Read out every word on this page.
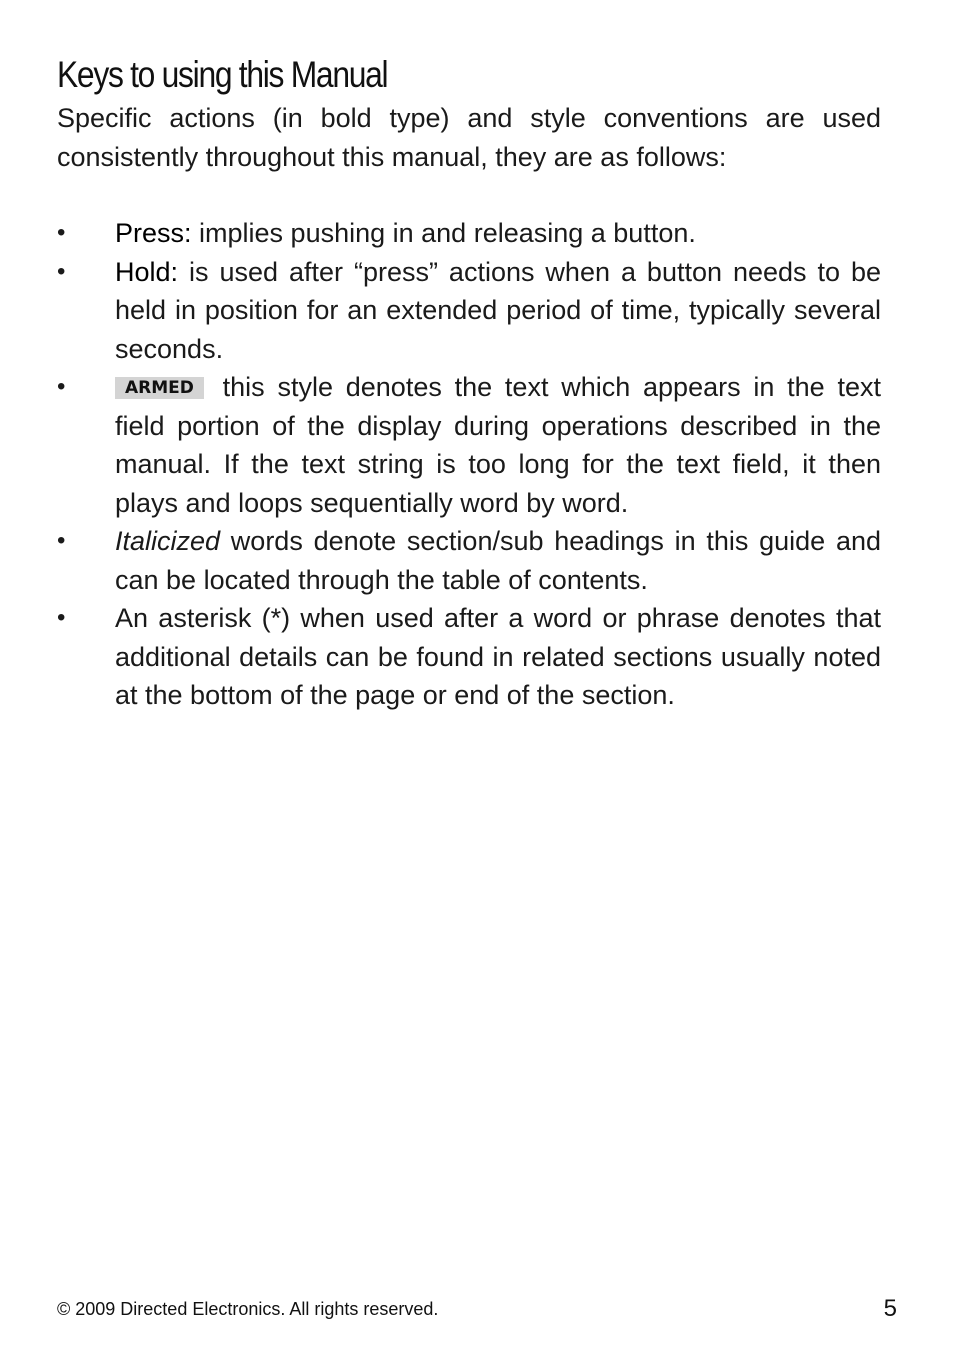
Keys to using this Manual

Specific actions (in bold type) and style conventions are used consistently throughout this manual, they are as follows:

•	Press: implies pushing in and releasing a button.
•	Hold: is used after “press” actions when a button needs to be held in position for an extended period of time, typically several seconds.
•	ARMED this style denotes the text which appears in the text field portion of the display during operations described in the manual. If the text string is too long for the text field, it then plays and loops sequentially word by word.
•	Italicized words denote section/sub headings in this guide and can be located through the table of contents.
•	An asterisk (*) when used after a word or phrase denotes that additional details can be found in related sections usually noted at the bottom of the page or end of the section.

© 2009 Directed Electronics. All rights reserved.	5
